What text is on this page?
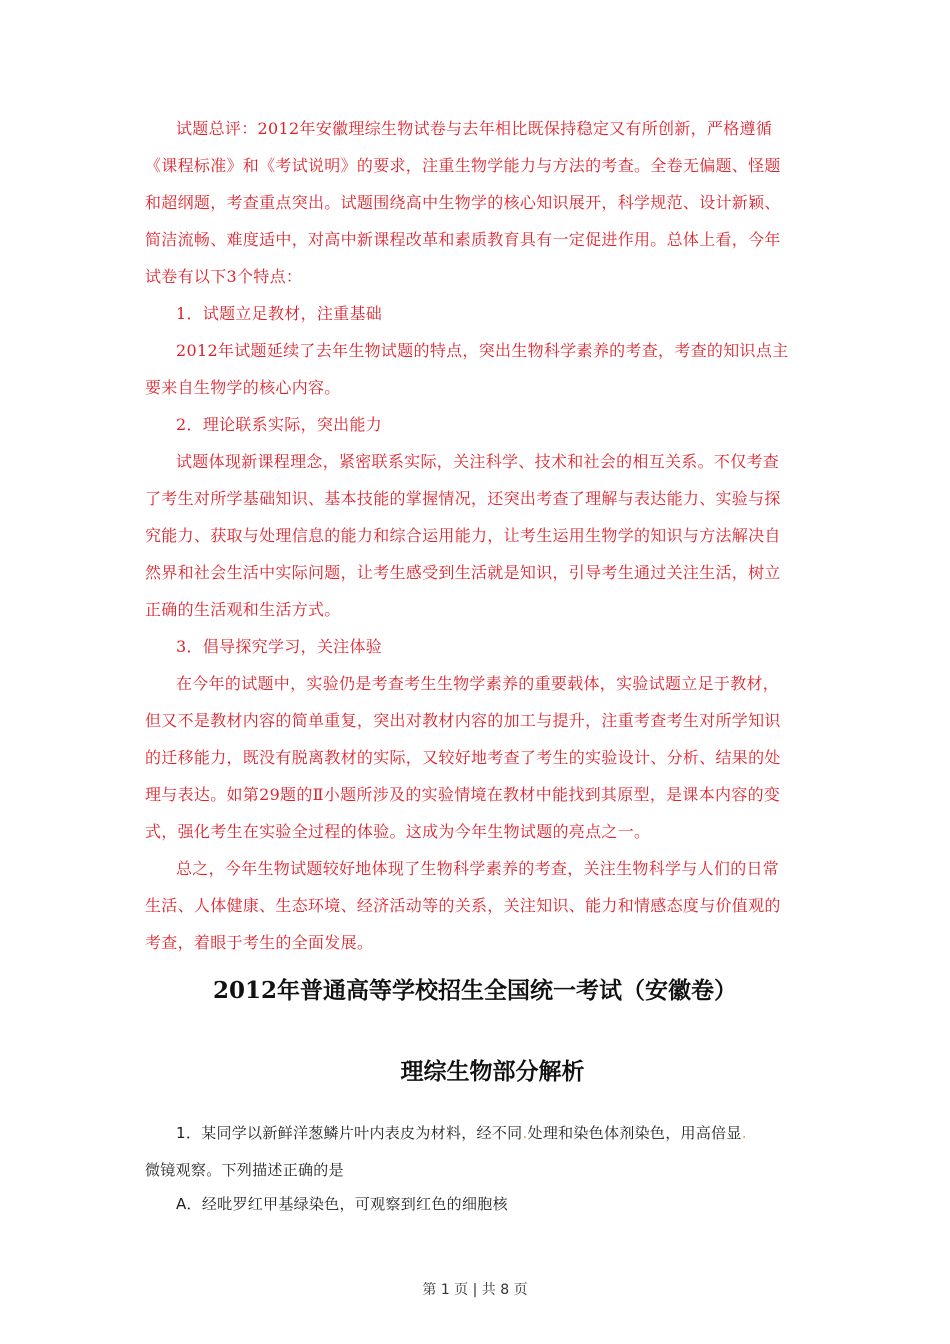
试题总评：2012年安徽理综生物试卷与去年相比既保持稳定又有所创新，严格遵循
《课程标准》和《考试说明》的要求，注重生物学能力与方法的考查。全卷无偏题、怪题
和超纲题，考查重点突出。试题围绕高中生物学的核心知识展开，科学规范、设计新颖、
简洁流畅、难度适中，对高中新课程改革和素质教育具有一定促进作用。总体上看，今年
试卷有以下3个特点：
1．试题立足教材，注重基础
2012年试题延续了去年生物试题的特点，突出生物科学素养的考查，考查的知识点主
要来自生物学的核心内容。
2．理论联系实际，突出能力
试题体现新课程理念，紧密联系实际，关注科学、技术和社会的相互关系。不仅考查
了考生对所学基础知识、基本技能的掌握情况，还突出考查了理解与表达能力、实验与探
究能力、获取与处理信息的能力和综合运用能力，让考生运用生物学的知识与方法解决自
然界和社会生活中实际问题，让考生感受到生活就是知识，引导考生通过关注生活，树立
正确的生活观和生活方式。
3．倡导探究学习，关注体验
在今年的试题中，实验仍是考查考生生物学素养的重要载体，实验试题立足于教材，
但又不是教材内容的简单重复，突出对教材内容的加工与提升，注重考查考生对所学知识
的迁移能力，既没有脱离教材的实际，又较好地考查了考生的实验设计、分析、结果的处
理与表达。如第29题的Ⅱ小题所涉及的实验情境在教材中能找到其原型，是课本内容的变
式，强化考生在实验全过程的体验。这成为今年生物试题的亮点之一。
总之，今年生物试题较好地体现了生物科学素养的考查，关注生物科学与人们的日常
生活、人体健康、生态环境、经济活动等的关系，关注知识、能力和情感态度与价值观的
考查，着眼于考生的全面发展。
2012年普通高等学校招生全国统一考试（安徽卷）
理综生物部分解析
1．某同学以新鲜洋葱鳞片叶内表皮为材料，经不同.处理和染色体剂染色，用高倍显.
微镜观察。下列描述正确的是
A．经吡罗红甲基绿染色，可观察到红色的细胞核
第 1 页 | 共 8 页
